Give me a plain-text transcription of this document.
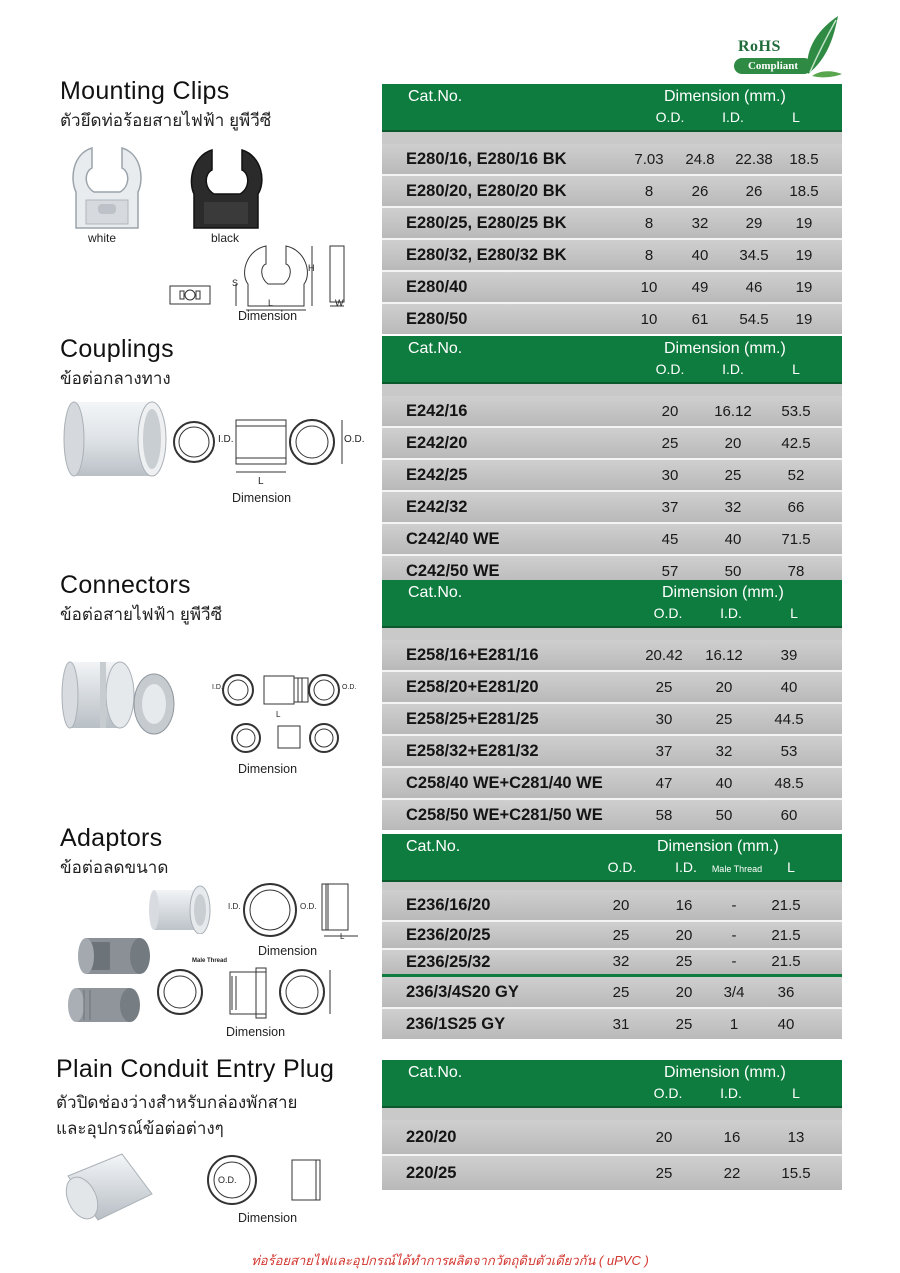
RoHS
Compliant
Mounting Clips
ตัวยึดท่อร้อยสายไฟฟ้า ยูพีวีซี
white	black
H
S
L	W
Dimension
Cat.No.	Dimension (mm.)
O.D.	I.D.	L
E280/16, E280/16 BK	7.03	24.8	22.38	18.5
E280/20, E280/20 BK	8	26	26	18.5
E280/25, E280/25 BK	8	32	29	19
E280/32, E280/32 BK	8	40	34.5	19
E280/40	10	49	46	19
E280/50	10	61	54.5	19
Couplings
ข้อต่อกลางทาง
I.D.	O.D.
L
Dimension
Cat.No.	Dimension (mm.)
O.D.	I.D.	L
E242/16	20	16.12	53.5
E242/20	25	20	42.5
E242/25	30	25	52
E242/32	37	32	66
C242/40 WE	45	40	71.5
C242/50 WE	57	50	78
Connectors
ข้อต่อสายไฟฟ้า ยูพีวีซี
I.D.	O.D.
L
Dimension
Cat.No.	Dimension (mm.)
O.D.	I.D.	L
E258/16+E281/16	20.42	16.12	39
E258/20+E281/20	25	20	40
E258/25+E281/25	30	25	44.5
E258/32+E281/32	37	32	53
C258/40 WE+C281/40 WE	47	40	48.5
C258/50 WE+C281/50 WE	58	50	60
Adaptors
ข้อต่อลดขนาด
I.D.	O.D.
L
Dimension
Male Thread
Dimension
Cat.No.	Dimension (mm.)
O.D.	I.D.	Male Thread	L
E236/16/20	20	16	-	21.5
E236/20/25	25	20	-	21.5
E236/25/32	32	25	-	21.5
236/3/4S20 GY	25	20	3/4	36
236/1S25 GY	31	25	1	40
Plain Conduit Entry Plug
ตัวปิดช่องว่างสำหรับกล่องพักสาย
และอุปกรณ์ข้อต่อต่างๆ
O.D.
Dimension
Cat.No.	Dimension (mm.)
O.D.	I.D.	L
220/20	20	16	13
220/25	25	22	15.5
ท่อร้อยสายไฟและอุปกรณ์ได้ทำการผลิตจากวัตถุดิบตัวเดียวกัน ( uPVC )
